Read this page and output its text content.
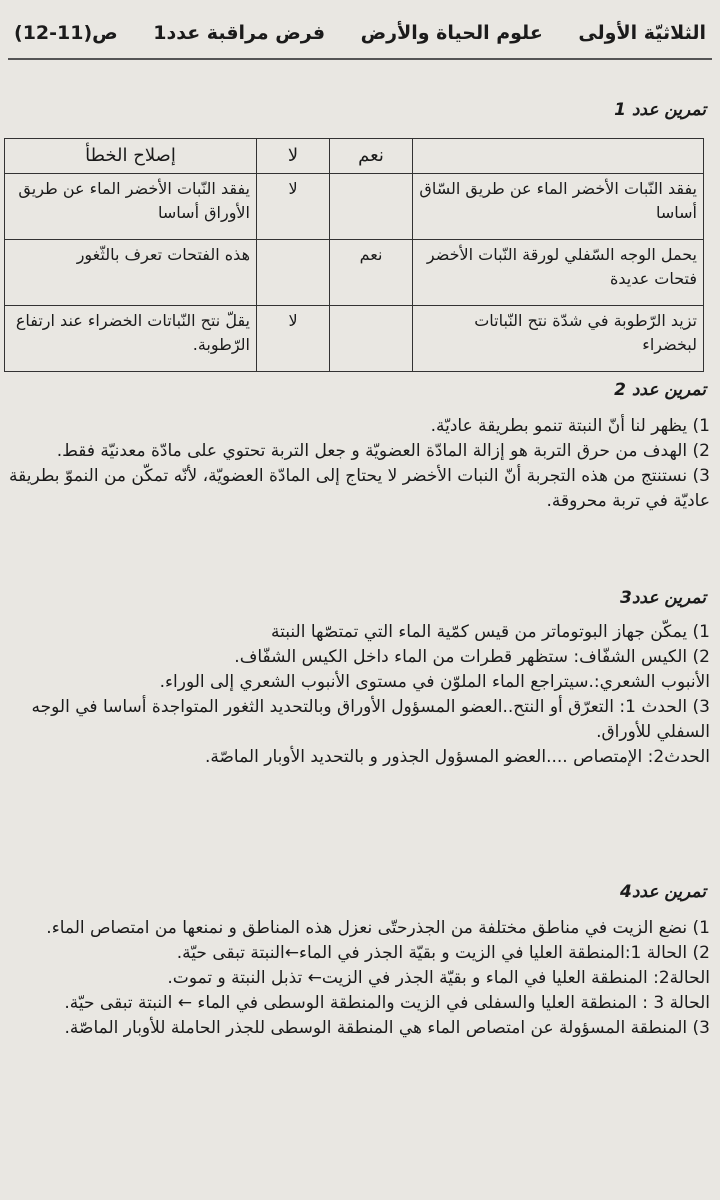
الثلاثيّة الأولى
علوم الحياة والأرض
فرض مراقبة عدد1
ص(11-12)
تمرين عدد 1
	نعم	لا	إصلاح الخطأ
يفقد النّبات الأخضر الماء عن طريق السّاق أساسا		لا	يفقد النّبات الأخضر الماء عن طريق الأوراق أساسا
يحمل الوجه السّفلي لورقة النّبات الأخضر فتحات عديدة	نعم		هذه الفتحات تعرف بالثّغور
تزيد الرّطوبة في شدّة نتح النّباتات لبخضراء		لا	يقلّ نتح النّباتات الخضراء عند ارتفاع الرّطوبة.
تمرين عدد 2

1) يظهر لنا أنّ النبتة تنمو بطريقة عاديّة.

2) الهدف من حرق التربة هو إزالة المادّة العضويّة و جعل التربة تحتوي على مادّة معدنيّة فقط.

3) نستنتج من هذه التجربة أنّ النبات الأخضر لا يحتاج إلى المادّة العضويّة، لأنّه تمكّن من النموّ بطريقة عاديّة في تربة محروقة.

تمرين عدد3

1) يمكّن جهاز البوتوماتر من قيس كمّية الماء التي تمتصّها النبتة

2) الكيس الشفّاف: ستظهر قطرات من الماء داخل الكيس الشفّاف.

الأنبوب الشعري:.سيتراجع الماء الملوّن في مستوى الأنبوب الشعري إلى الوراء.

3) الحدث 1: التعرّق أو النتح..العضو المسؤول الأوراق وبالتحديد الثغور المتواجدة أساسا في الوجه السفلي للأوراق.

الحدث2: الإمتصاص ....العضو المسؤول الجذور و بالتحديد الأوبار الماصّة.

تمرين عدد4

1) نضع الزيت في مناطق مختلفة من الجذرحتّى نعزل هذه المناطق و نمنعها من امتصاص الماء.

2) الحالة 1:المنطقة العليا في الزيت و بقيّة الجذر في الماء←النبتة تبقى حيّة.

الحالة2: المنطقة العليا في الماء و بقيّة الجذر في الزيت← تذبل النبتة و تموت.

الحالة 3 : المنطقة العليا والسفلى في الزيت والمنطقة الوسطى في الماء ← النبتة تبقى حيّة.

3) المنطقة المسؤولة عن امتصاص الماء هي المنطقة الوسطى للجذر الحاملة للأوبار الماصّة.
